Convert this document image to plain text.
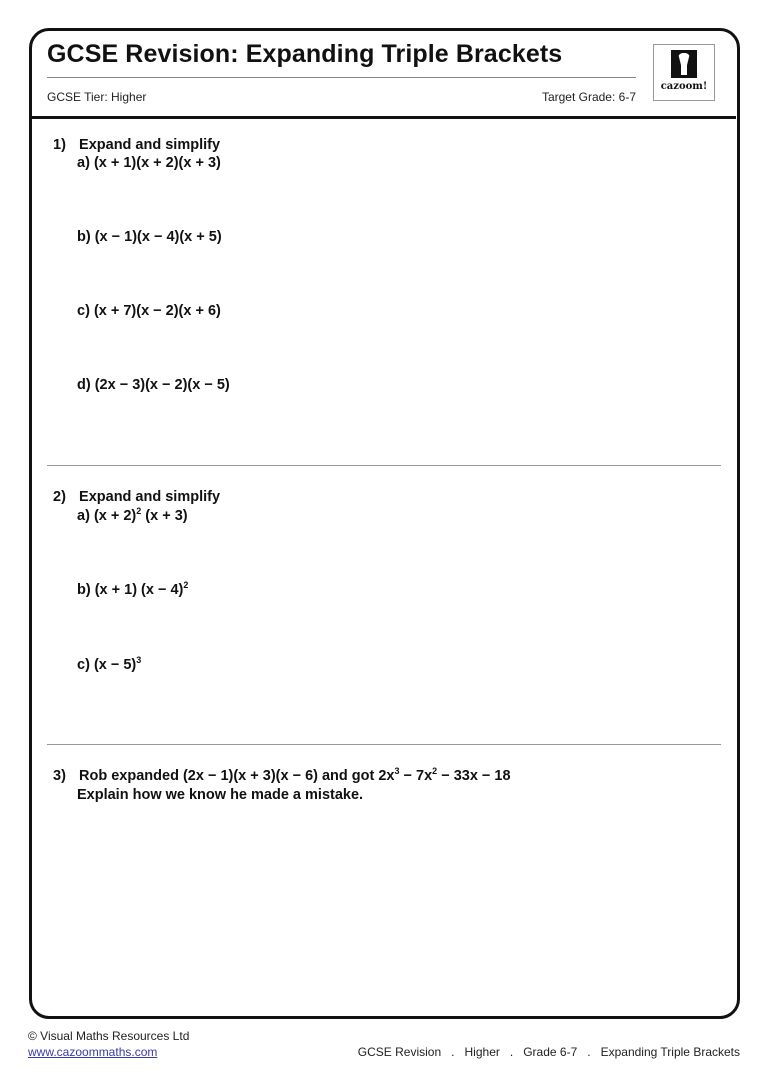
GCSE Revision: Expanding Triple Brackets
GCSE Tier: Higher	Target Grade: 6-7
cazoom!
1) Expand and simplify
a) (x + 1)(x + 2)(x + 3)
b) (x − 1)(x − 4)(x + 5)
c) (x + 7)(x − 2)(x + 6)
d) (2x − 3)(x − 2)(x − 5)
2) Expand and simplify
a) $(x + 2)^2$ (x + 3)
b) (x + 1) $(x - 4)^2$
c) $(x - 5)^3$
3) Rob expanded (2x − 1)(x + 3)(x − 6) and got $2x^3 - 7x^2 - 33x - 18$
Explain how we know he made a mistake.
© Visual Maths Resources Ltd
www.cazoommaths.com	GCSE Revision . Higher . Grade 6-7 . Expanding Triple Brackets
